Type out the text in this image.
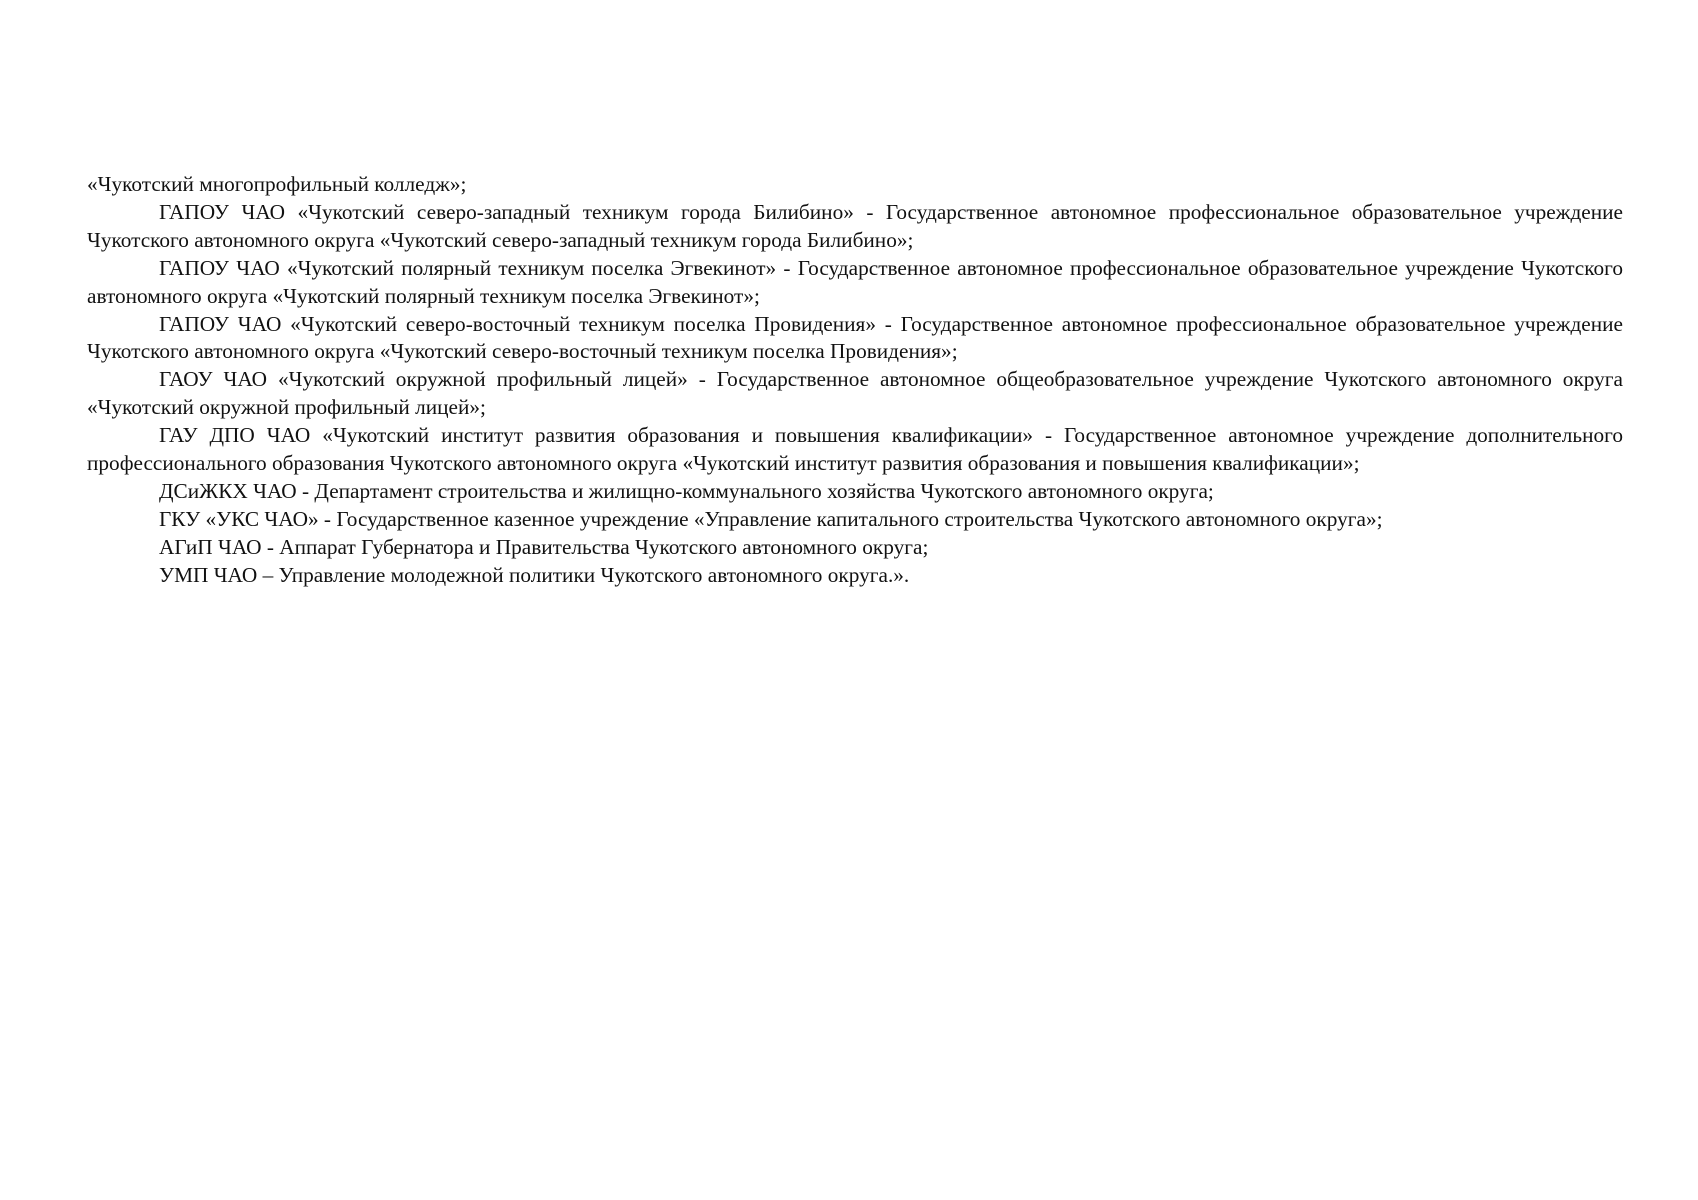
«Чукотский многопрофильный колледж»;

ГАПОУ ЧАО «Чукотский северо-западный техникум города Билибино» - Государственное автономное профессиональное образовательное учреждение Чукотского автономного округа «Чукотский северо-западный техникум города Билибино»;

ГАПОУ ЧАО «Чукотский полярный техникум поселка Эгвекинот» - Государственное автономное профессиональное образовательное учреждение Чукотского автономного округа «Чукотский полярный техникум поселка Эгвекинот»;

ГАПОУ ЧАО «Чукотский северо-восточный техникум поселка Провидения» - Государственное автономное профессиональное образовательное учреждение Чукотского автономного округа «Чукотский северо-восточный техникум поселка Провидения»;

ГАОУ ЧАО «Чукотский окружной профильный лицей» - Государственное автономное общеобразовательное учреждение Чукотского автономного округа «Чукотский окружной профильный лицей»;

ГАУ ДПО ЧАО «Чукотский институт развития образования и повышения квалификации» - Государственное автономное учреждение дополнительного профессионального образования Чукотского автономного округа «Чукотский институт развития образования и повышения квалификации»;

ДСиЖКХ ЧАО - Департамент строительства и жилищно-коммунального хозяйства Чукотского автономного округа;

ГКУ «УКС ЧАО» - Государственное казенное учреждение «Управление капитального строительства Чукотского автономного округа»;

АГиП ЧАО - Аппарат Губернатора и Правительства Чукотского автономного округа;

УМП ЧАО – Управление молодежной политики Чукотского автономного округа.».
